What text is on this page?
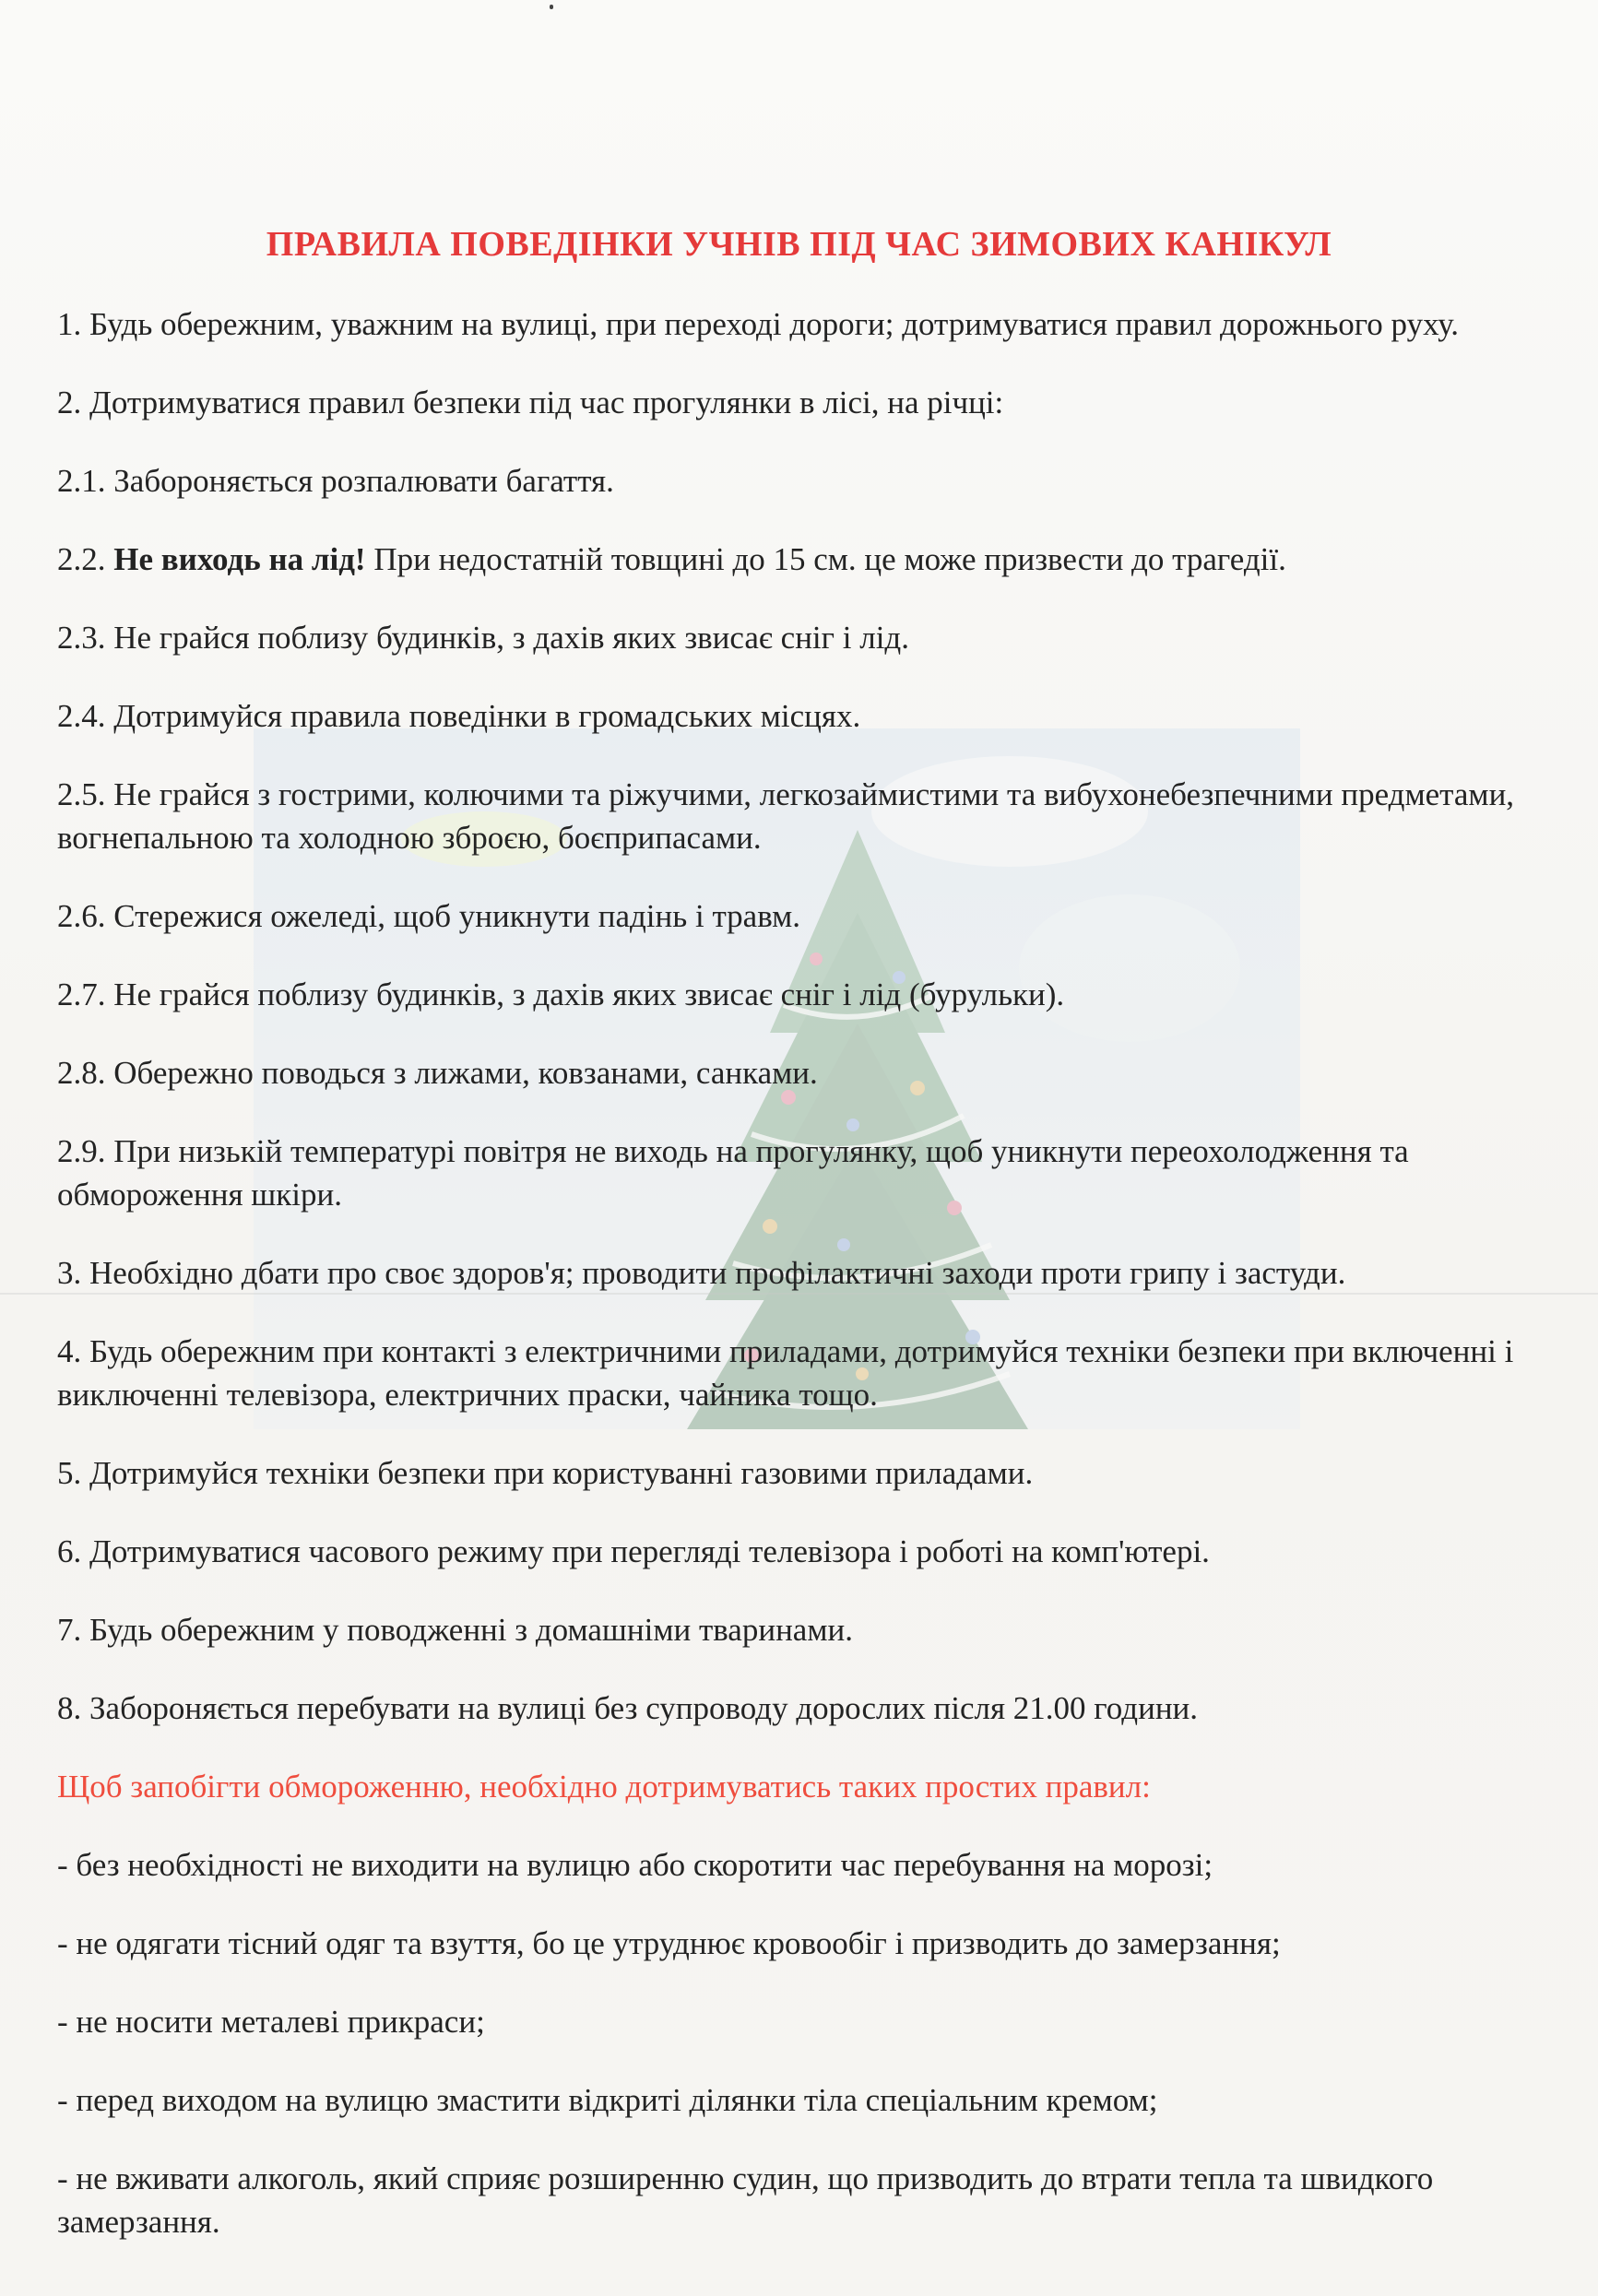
ПРАВИЛА ПОВЕДІНКИ УЧНІВ ПІД ЧАС ЗИМОВИХ КАНІКУЛ

1. Будь обережним, уважним на вулиці, при переході дороги; дотримуватися правил дорожнього руху.

2. Дотримуватися правил безпеки під час прогулянки в лісі, на річці:

2.1. Забороняється розпалювати багаття.

2.2. Не виходь на лід! При недостатній товщині до 15 см. це може призвести до трагедії.

2.3. Не грайся поблизу будинків, з дахів яких звисає сніг і лід.

2.4. Дотримуйся правила поведінки в громадських місцях.

2.5. Не грайся з гострими, колючими та ріжучими, легкозаймистими та вибухонебезпечними предметами, вогнепальною та холодною зброєю, боєприпасами.

2.6. Стережися ожеледі, щоб уникнути падінь і травм.

2.7. Не грайся поблизу будинків, з дахів яких звисає сніг і лід (бурульки).

2.8. Обережно поводься з лижами, ковзанами, санками.

2.9. При низькій температурі повітря не виходь на прогулянку, щоб уникнути переохолодження та обмороження шкіри.

3. Необхідно дбати про своє здоров'я; проводити профілактичні заходи проти грипу і застуди.

4. Будь обережним при контакті з електричними приладами, дотримуйся техніки безпеки при включенні і виключенні телевізора, електричних праски, чайника тощо.

5. Дотримуйся техніки безпеки при користуванні газовими приладами.

6. Дотримуватися часового режиму при перегляді телевізора і роботі на комп'ютері.

7. Будь обережним у поводженні з домашніми тваринами.

8. Забороняється перебувати на вулиці без супроводу дорослих після 21.00 години.

Щоб запобігти обмороженню, необхідно дотримуватись таких простих правил:

- без необхідності не виходити на вулицю або скоротити час перебування на морозі;

- не одягати тісний одяг та взуття, бо це утруднює кровообіг і призводить до замерзання;

- не носити металеві прикраси;

- перед виходом на вулицю змастити відкриті ділянки тіла спеціальним кремом;

- не вживати алкоголь, який сприяє розширенню судин, що призводить до втрати тепла та швидкого замерзання.
